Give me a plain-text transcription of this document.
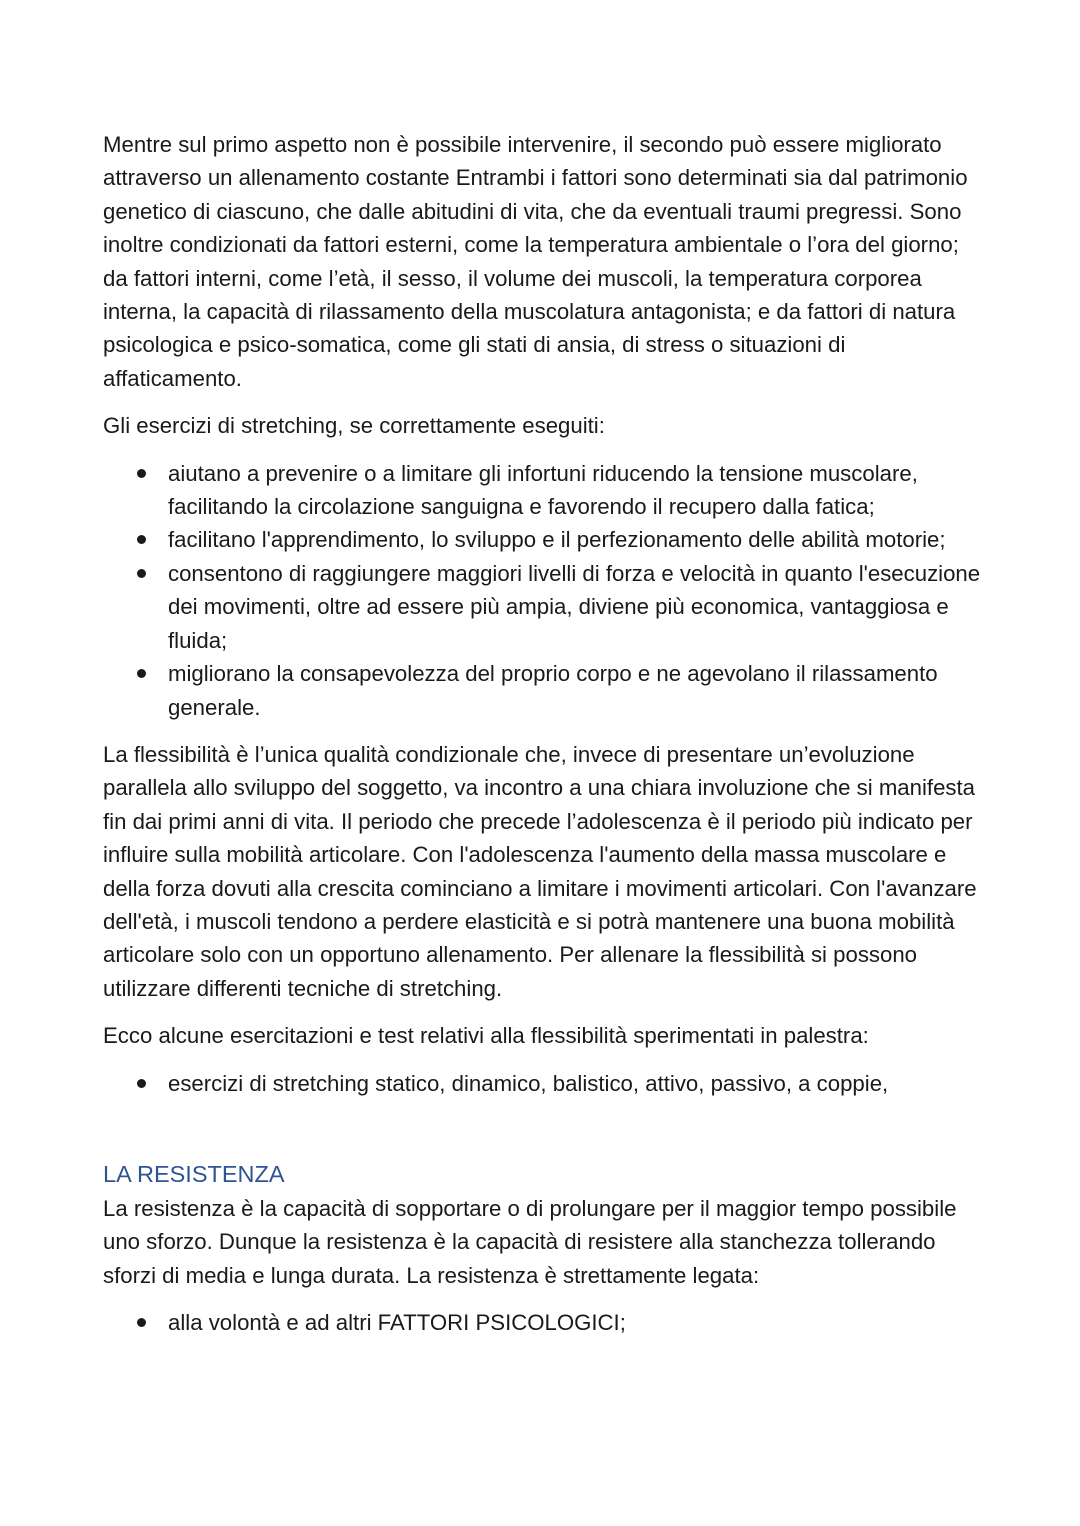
Mentre sul primo aspetto non è possibile intervenire, il secondo può essere migliorato attraverso un allenamento costante Entrambi i fattori sono determinati sia dal patrimonio genetico di ciascuno, che dalle abitudini di vita, che da eventuali traumi pregressi. Sono inoltre condizionati da fattori esterni, come la temperatura ambientale o l’ora del giorno; da fattori interni, come l’età, il sesso, il volume dei muscoli, la temperatura corporea interna, la capacità di rilassamento della muscolatura antagonista; e da fattori di natura psicologica e psico-somatica, come gli stati di ansia, di stress o situazioni di affaticamento.

Gli esercizi di stretching, se correttamente eseguiti:

aiutano a prevenire o a limitare gli infortuni riducendo la tensione muscolare, facilitando la circolazione sanguigna e favorendo il recupero dalla fatica;
facilitano l'apprendimento, lo sviluppo e il perfezionamento delle abilità motorie;
consentono di raggiungere maggiori livelli di forza e velocità in quanto l'esecuzione dei movimenti, oltre ad essere più ampia, diviene più economica, vantaggiosa e fluida;
migliorano la consapevolezza del proprio corpo e ne agevolano il rilassamento generale.

La flessibilità è l’unica qualità condizionale che, invece di presentare un’evoluzione parallela allo sviluppo del soggetto, va incontro a una chiara involuzione che si manifesta fin dai primi anni di vita. Il periodo che precede l’adolescenza è il periodo più indicato per influire sulla mobilità articolare. Con l'adolescenza l'aumento della massa muscolare e della forza dovuti alla crescita cominciano a limitare i movimenti articolari. Con l'avanzare dell'età, i muscoli tendono a perdere elasticità e si potrà mantenere una buona mobilità articolare solo con un opportuno allenamento. Per allenare la flessibilità si possono utilizzare differenti tecniche di stretching.

Ecco alcune esercitazioni e test relativi alla flessibilità sperimentati in palestra:

esercizi di stretching statico, dinamico, balistico, attivo, passivo, a coppie,
LA RESISTENZA

La resistenza è la capacità di sopportare o di prolungare per il maggior tempo possibile uno sforzo. Dunque la resistenza è la capacità di resistere alla stanchezza tollerando sforzi di media e lunga durata. La resistenza è strettamente legata:

alla volontà e ad altri FATTORI PSICOLOGICI;
